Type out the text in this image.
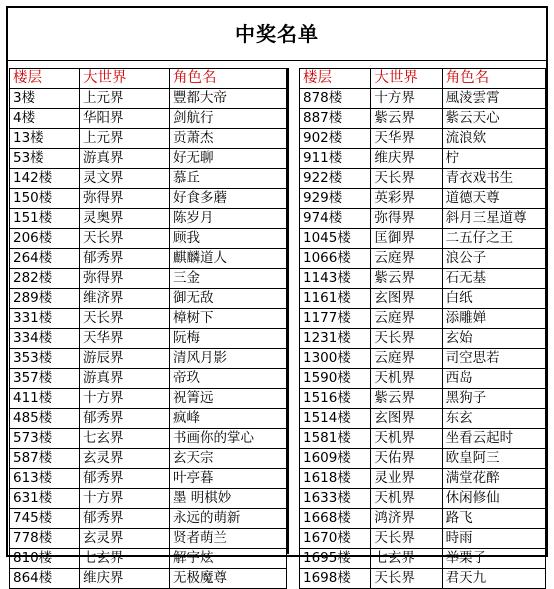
中奖名单
楼层	大世界	角色名
3楼	上元界	豐都大帝
4楼	华阳界	剑航行
13楼	上元界	贡萧杰
53楼	游真界	好无聊
142楼	灵文界	慕丘
150楼	弥得界	好食多蘑
151楼	灵奥界	陈岁月
206楼	天长界	顾我
264楼	郁秀界	麒麟道人
282楼	弥得界	三金
289楼	维济界	御无敌
331楼	天长界	樟树下
334楼	天华界	阮梅
353楼	游辰界	清风月影
357楼	游真界	帝玖
411楼	十方界	祝箐远
485楼	郁秀界	疯峰
573楼	七玄界	书画你的掌心
587楼	玄灵界	玄天宗
613楼	郁秀界	叶亭暮
631楼	十方界	墨 明棋妙
745楼	郁秀界	永远的萌新
778楼	玄灵界	贤者萌兰
810楼	七玄界	解宇炫
864楼	维庆界	无极魔尊
楼层	大世界	角色名
878楼	十方界	風淩雲霄
887楼	紫云界	紫云天心
902楼	天华界	流浪欸
911楼	维庆界	柠
922楼	天长界	青衣戏书生
929楼	英彩界	道德天尊
974楼	弥得界	斜月三星道尊
1045楼	匡御界	二五仔之王
1066楼	云庭界	浪公子
1143楼	紫云界	石无基
1161楼	玄图界	白纸
1177楼	云庭界	添雕婵
1231楼	天长界	玄始
1300楼	云庭界	司空思若
1590楼	天机界	西岛
1516楼	紫云界	黑狗子
1514楼	玄图界	东玄
1581楼	天机界	坐看云起时
1609楼	天佑界	欧皇阿三
1618楼	灵业界	满堂花醉
1633楼	天机界	休闲修仙
1668楼	鸿济界	路飞
1670楼	天长界	時雨
1695楼	七玄界	举栗子
1698楼	天长界	君天九
